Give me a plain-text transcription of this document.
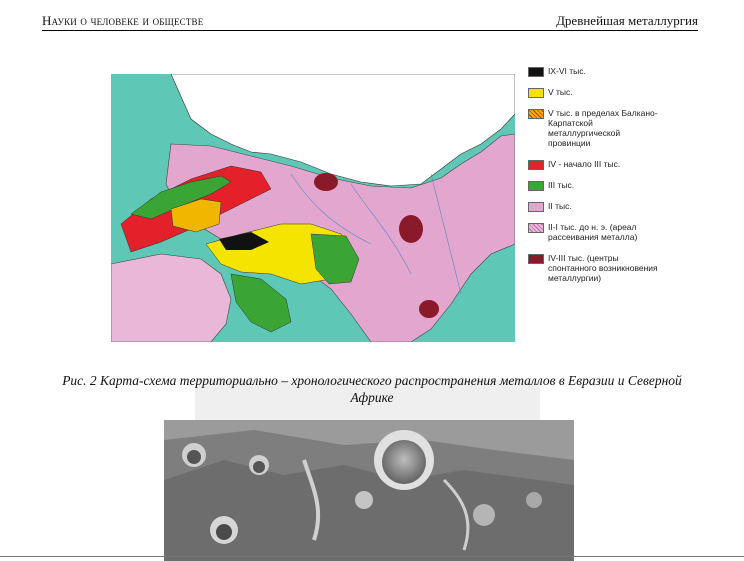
Науки о человеке и обществе	Древнейшая металлургия
IX-VI тыс.
V тыс.
V тыс. в пределах Балкано-Карпатской металлургической провинции
IV - начало III тыс.
III тыс.
II тыс.
II-I тыс. до н. э. (ареал рассеивания металла)
IV-III тыс. (центры спонтанного возникновения металлургии)
Рис. 2 Карта-схема территориально – хронологического распространения металлов в Евразии и Северной Африке
